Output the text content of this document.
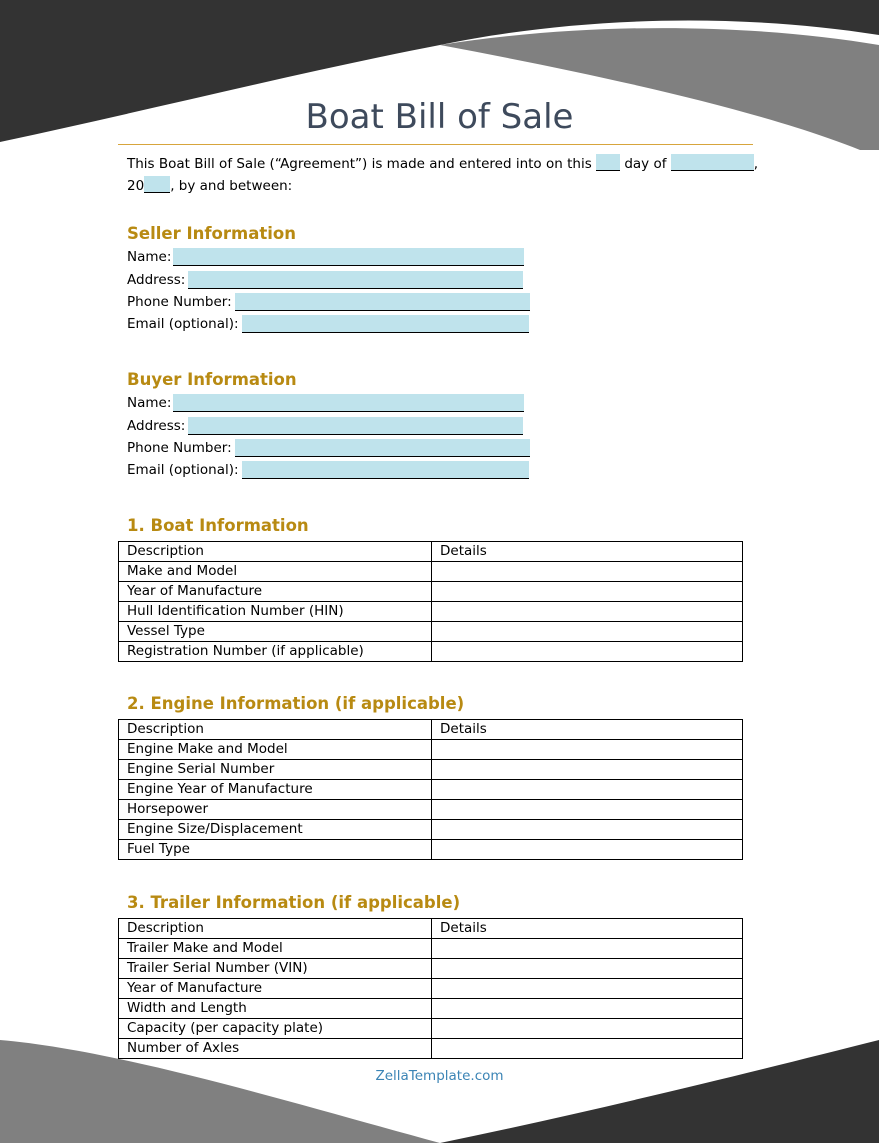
Boat Bill of Sale
This Boat Bill of Sale (“Agreement”) is made and entered into on this day of	,
20 , by and between:
Seller Information
Name:
Address:
Phone Number:
Email (optional):
Buyer Information
Name:
Address:
Phone Number:
Email (optional):
1. Boat Information
Description	Details
Make and Model	
Year of Manufacture	
Hull Identification Number (HIN)	
Vessel Type	
Registration Number (if applicable)	
2. Engine Information (if applicable)
Description	Details
Engine Make and Model	
Engine Serial Number	
Engine Year of Manufacture	
Horsepower	
Engine Size/Displacement	
Fuel Type	
3. Trailer Information (if applicable)
Description	Details
Trailer Make and Model	
Trailer Serial Number (VIN)	
Year of Manufacture	
Width and Length	
Capacity (per capacity plate)	
Number of Axles	
ZellaTemplate.com
